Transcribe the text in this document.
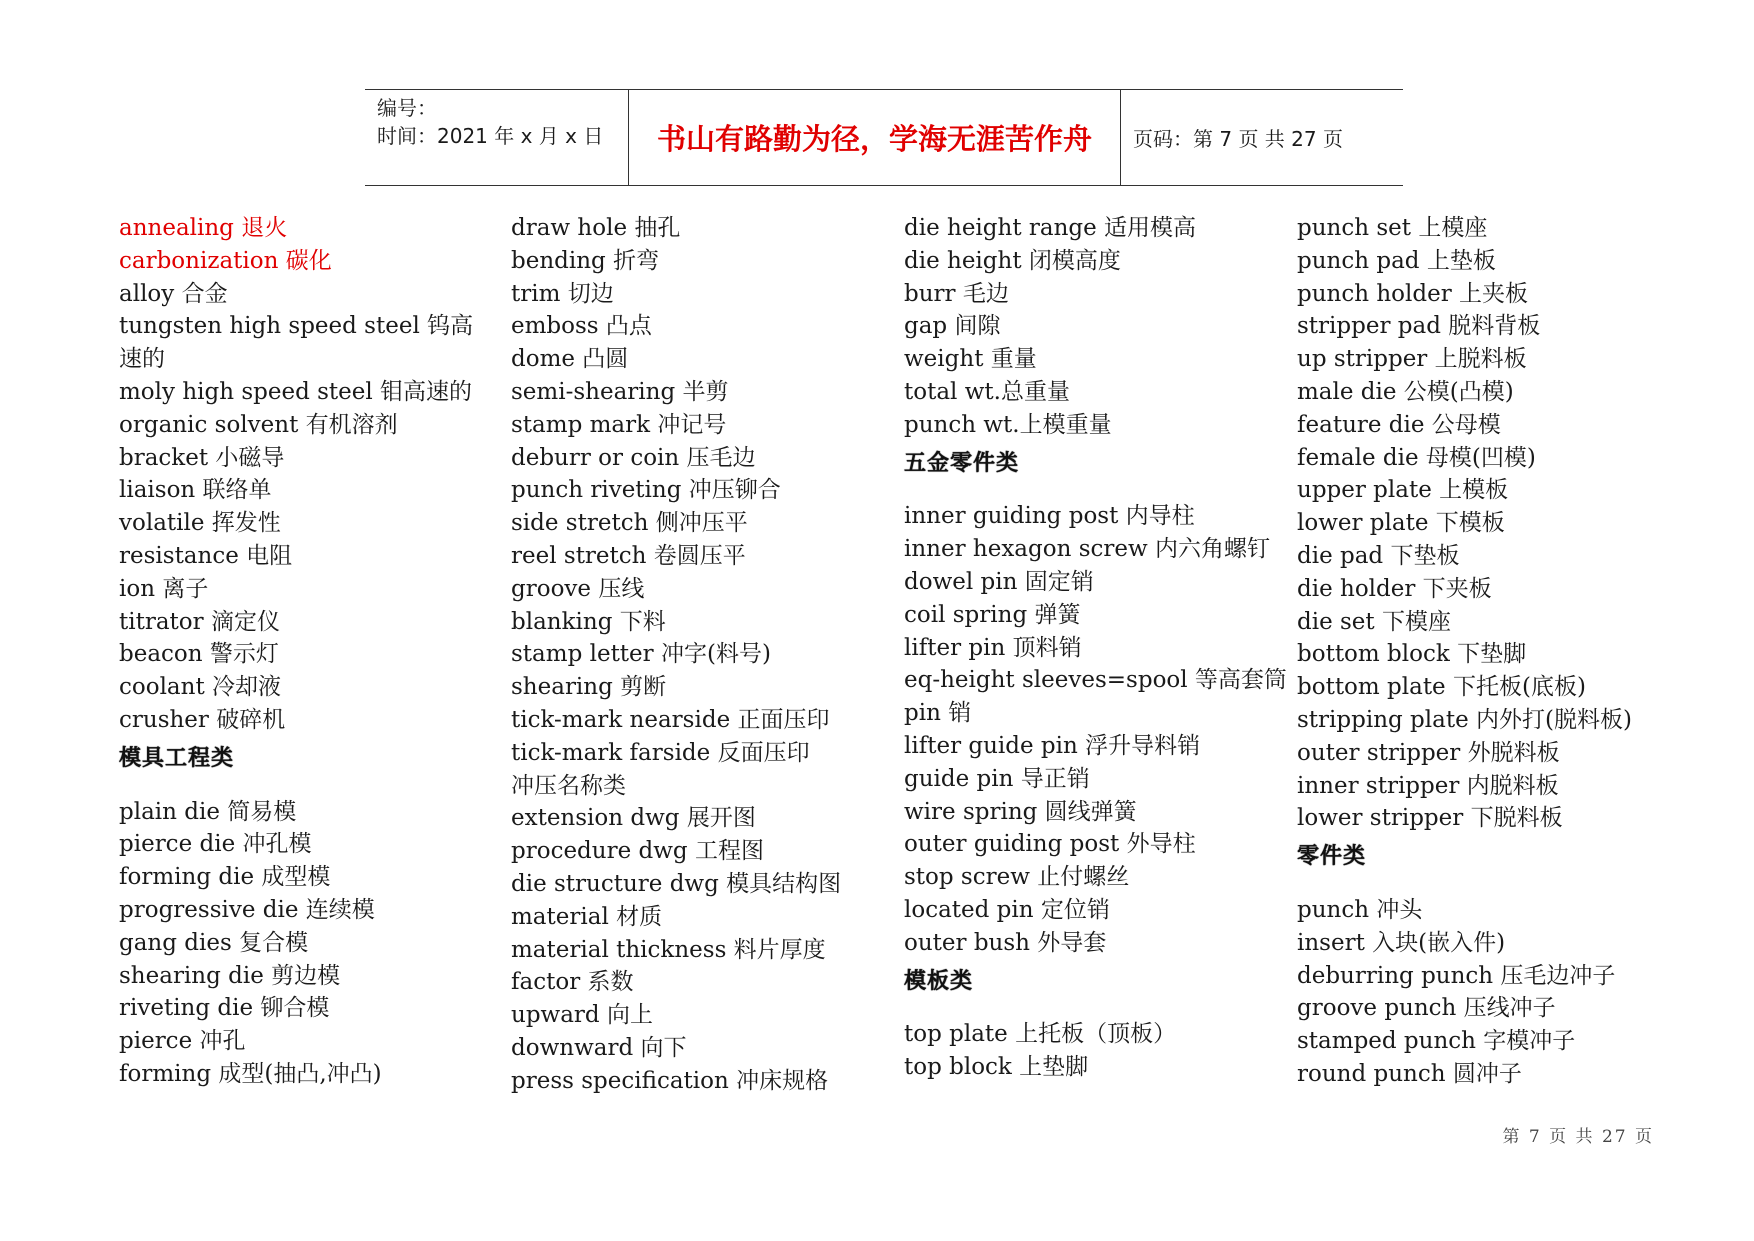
编号：
时间：2021 年 x 月 x 日	书山有路勤为径，学海无涯苦作舟 页码：第 7 页 共 27 页
annealing 退火
carbonization 碳化
alloy 合金
tungsten high speed steel 钨高速的
moly high speed steel 钼高速的
organic solvent 有机溶剂
bracket 小磁导
liaison 联络单
volatile 挥发性
resistance 电阻
ion 离子
titrator 滴定仪
beacon 警示灯
coolant 冷却液
crusher 破碎机
模具工程类
plain die 简易模
pierce die 冲孔模
forming die 成型模
progressive die 连续模
gang dies 复合模
shearing die 剪边模
riveting die 铆合模
pierce 冲孔
forming 成型(抽凸,冲凸)
draw hole 抽孔
bending 折弯
trim 切边
emboss 凸点
dome 凸圆
semi-shearing 半剪
stamp mark 冲记号
deburr or coin 压毛边
punch riveting 冲压铆合
side stretch 侧冲压平
reel stretch 卷圆压平
groove 压线
blanking 下料
stamp letter 冲字(料号)
shearing 剪断
tick-mark nearside 正面压印
tick-mark farside 反面压印
冲压名称类
extension dwg 展开图
procedure dwg 工程图
die structure dwg 模具结构图
material 材质
material thickness 料片厚度
factor 系数
upward 向上
downward 向下
press specification 冲床规格
die height range 适用模高
die height 闭模高度
burr 毛边
gap 间隙
weight 重量
total wt.总重量
punch wt.上模重量
五金零件类
inner guiding post 内导柱
inner hexagon screw 内六角螺钉
dowel pin 固定销
coil spring 弹簧
lifter pin 顶料销
eq-height sleeves=spool 等高套筒
pin 销
lifter guide pin 浮升导料销
guide pin 导正销
wire spring 圆线弹簧
outer guiding post 外导柱
stop screw 止付螺丝
located pin 定位销
outer bush 外导套
模板类
top plate 上托板（顶板）
top block 上垫脚
punch set 上模座
punch pad 上垫板
punch holder 上夹板
stripper pad 脱料背板
up stripper 上脱料板
male die 公模(凸模)
feature die 公母模
female die 母模(凹模)
upper plate 上模板
lower plate 下模板
die pad 下垫板
die holder 下夹板
die set 下模座
bottom block 下垫脚
bottom plate 下托板(底板)
stripping plate 内外打(脱料板)
outer stripper 外脱料板
inner stripper 内脱料板
lower stripper 下脱料板
零件类
punch 冲头
insert 入块(嵌入件)
deburring punch 压毛边冲子
groove punch 压线冲子
stamped punch 字模冲子
round punch 圆冲子
第 7 页 共 27 页
